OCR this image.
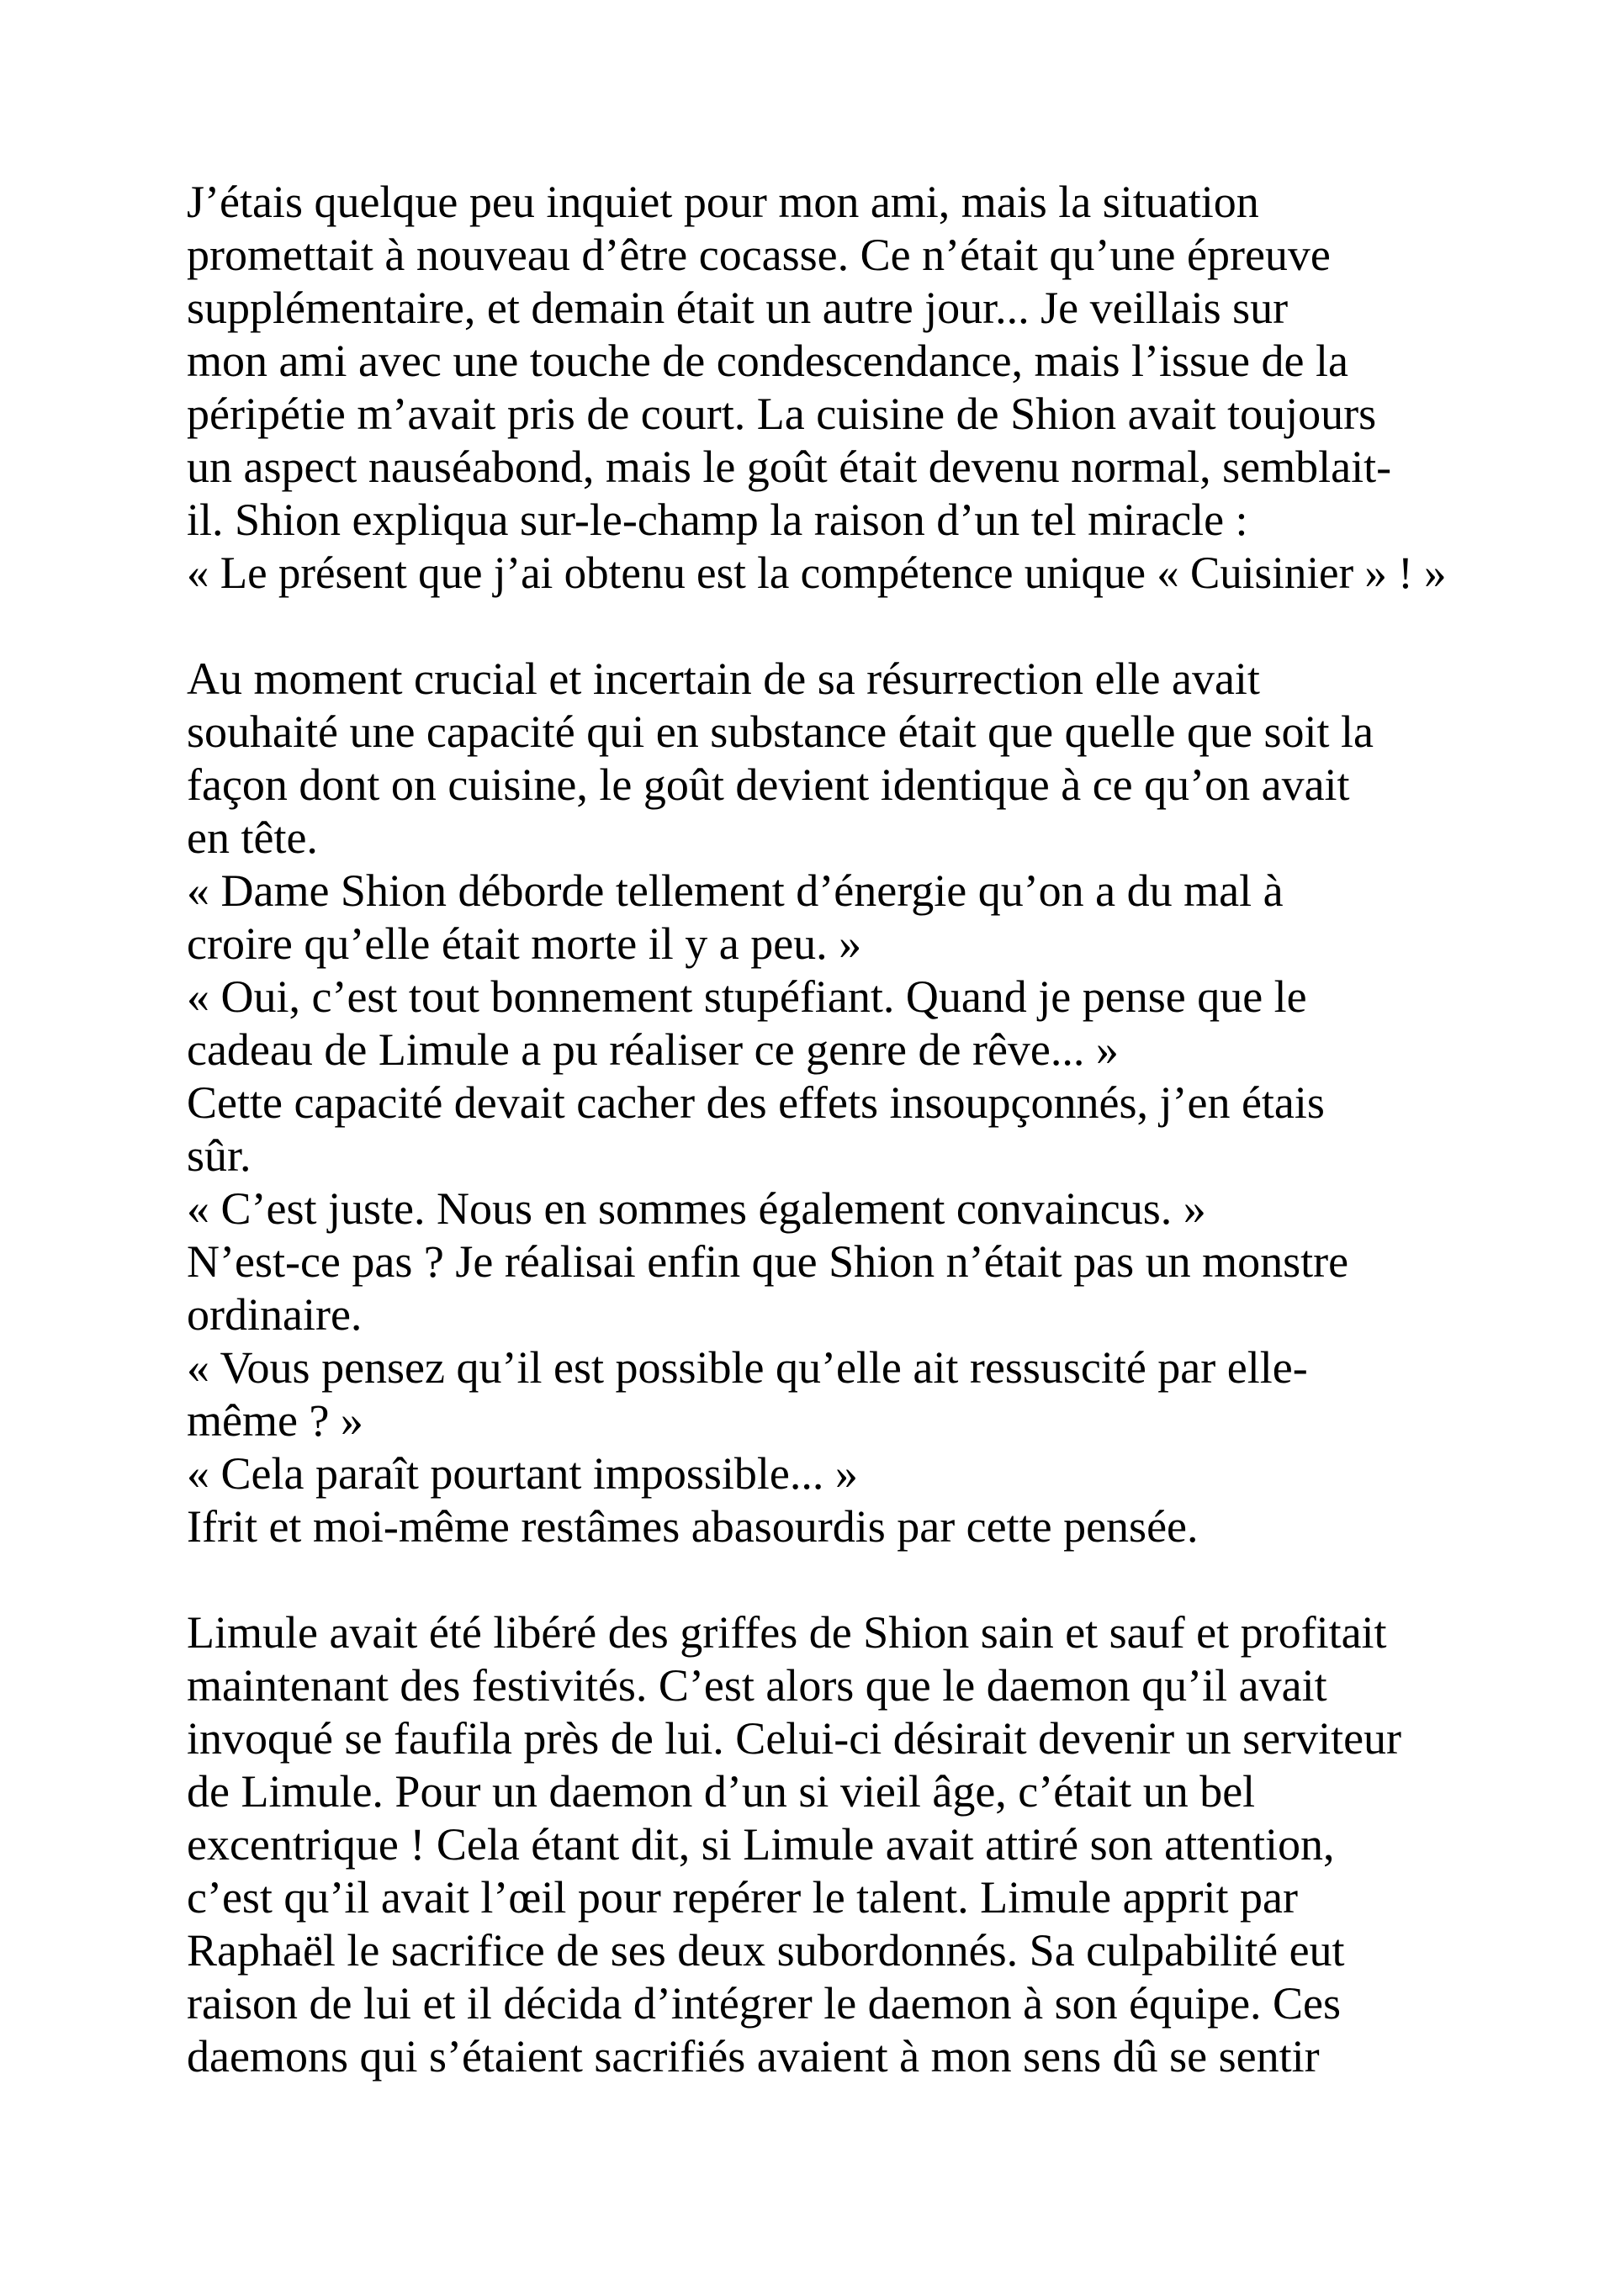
J’étais quelque peu inquiet pour mon ami, mais la situation
promettait à nouveau d’être cocasse. Ce n’était qu’une épreuve
supplémentaire, et demain était un autre jour... Je veillais sur
mon ami avec une touche de condescendance, mais l’issue de la
péripétie m’avait pris de court. La cuisine de Shion avait toujours
un aspect nauséabond, mais le goût était devenu normal, semblait-
il. Shion expliqua sur-le-champ la raison d’un tel miracle :
« Le présent que j’ai obtenu est la compétence unique « Cuisinier » ! »
Au moment crucial et incertain de sa résurrection elle avait
souhaité une capacité qui en substance était que quelle que soit la
façon dont on cuisine, le goût devient identique à ce qu’on avait
en tête.
« Dame Shion déborde tellement d’énergie qu’on a du mal à
croire qu’elle était morte il y a peu. »
« Oui, c’est tout bonnement stupéfiant. Quand je pense que le
cadeau de Limule a pu réaliser ce genre de rêve... »
Cette capacité devait cacher des effets insoupçonnés, j’en étais
sûr.
« C’est juste. Nous en sommes également convaincus. »
N’est-ce pas ? Je réalisai enfin que Shion n’était pas un monstre
ordinaire.
« Vous pensez qu’il est possible qu’elle ait ressuscité par elle-
même ? »
« Cela paraît pourtant impossible... »
Ifrit et moi-même restâmes abasourdis par cette pensée.
Limule avait été libéré des griffes de Shion sain et sauf et profitait
maintenant des festivités. C’est alors que le daemon qu’il avait
invoqué se faufila près de lui. Celui-ci désirait devenir un serviteur
de Limule. Pour un daemon d’un si vieil âge, c’était un bel
excentrique ! Cela étant dit, si Limule avait attiré son attention,
c’est qu’il avait l’œil pour repérer le talent. Limule apprit par
Raphaël le sacrifice de ses deux subordonnés. Sa culpabilité eut
raison de lui et il décida d’intégrer le daemon à son équipe. Ces
daemons qui s’étaient sacrifiés avaient à mon sens dû se sentir
